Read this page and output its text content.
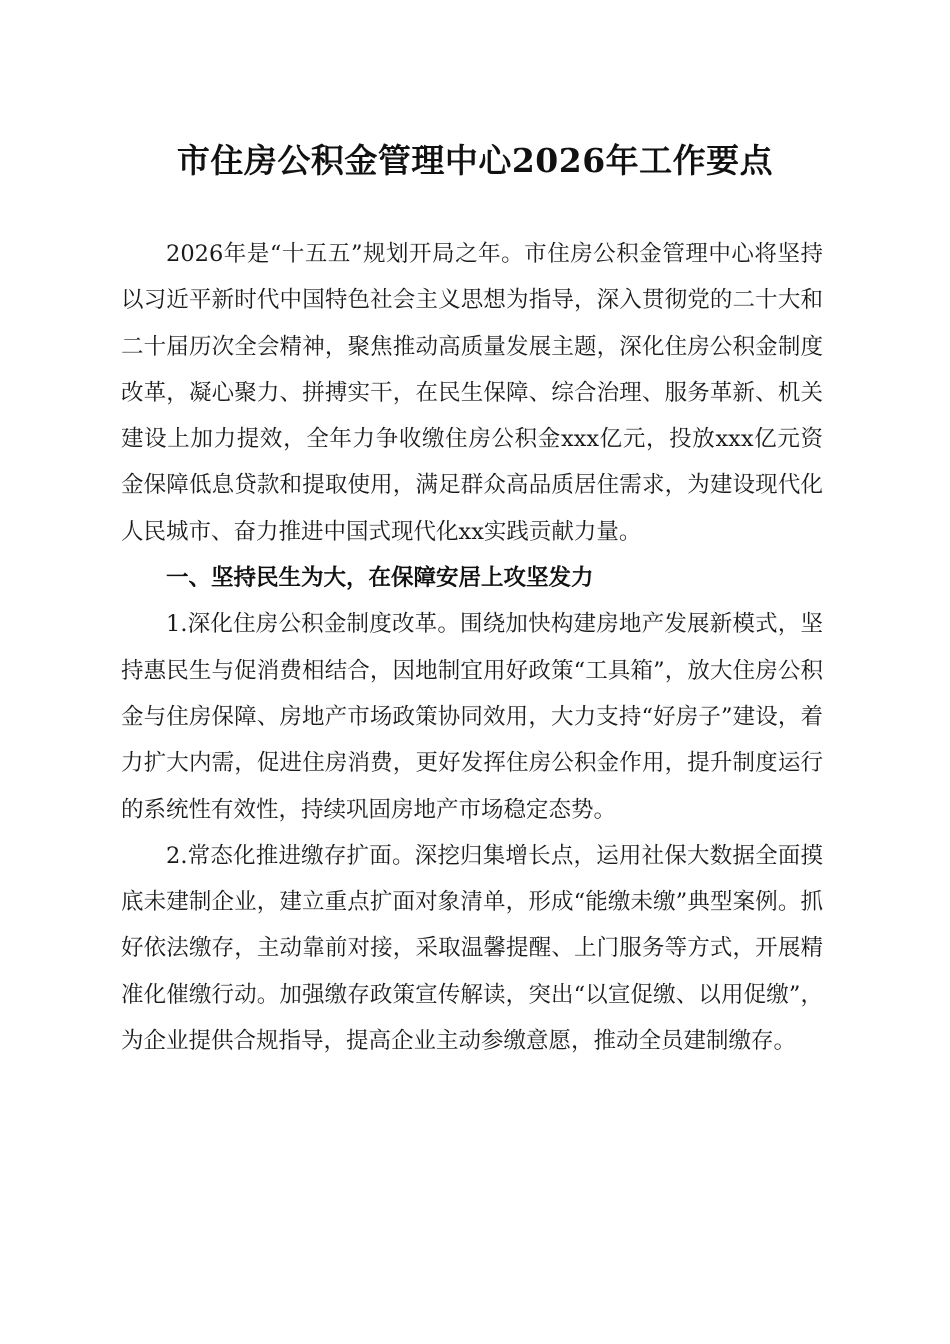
市住房公积金管理中心2026年工作要点

2026年是“十五五”规划开局之年。市住房公积金管理中心将坚持以习近平新时代中国特色社会主义思想为指导，深入贯彻党的二十大和二十届历次全会精神，聚焦推动高质量发展主题，深化住房公积金制度改革，凝心聚力、拼搏实干，在民生保障、综合治理、服务革新、机关建设上加力提效，全年力争收缴住房公积金xxx亿元，投放xxx亿元资金保障低息贷款和提取使用，满足群众高品质居住需求，为建设现代化人民城市、奋力推进中国式现代化xx实践贡献力量。

一、坚持民生为大，在保障安居上攻坚发力

1.深化住房公积金制度改革。围绕加快构建房地产发展新模式，坚持惠民生与促消费相结合，因地制宜用好政策“工具箱”，放大住房公积金与住房保障、房地产市场政策协同效用，大力支持“好房子”建设，着力扩大内需，促进住房消费，更好发挥住房公积金作用，提升制度运行的系统性有效性，持续巩固房地产市场稳定态势。

2.常态化推进缴存扩面。深挖归集增长点，运用社保大数据全面摸底未建制企业，建立重点扩面对象清单，形成“能缴未缴”典型案例。抓好依法缴存，主动靠前对接，采取温馨提醒、上门服务等方式，开展精准化催缴行动。加强缴存政策宣传解读，突出“以宣促缴、以用促缴”，为企业提供合规指导，提高企业主动参缴意愿，推动全员建制缴存。
